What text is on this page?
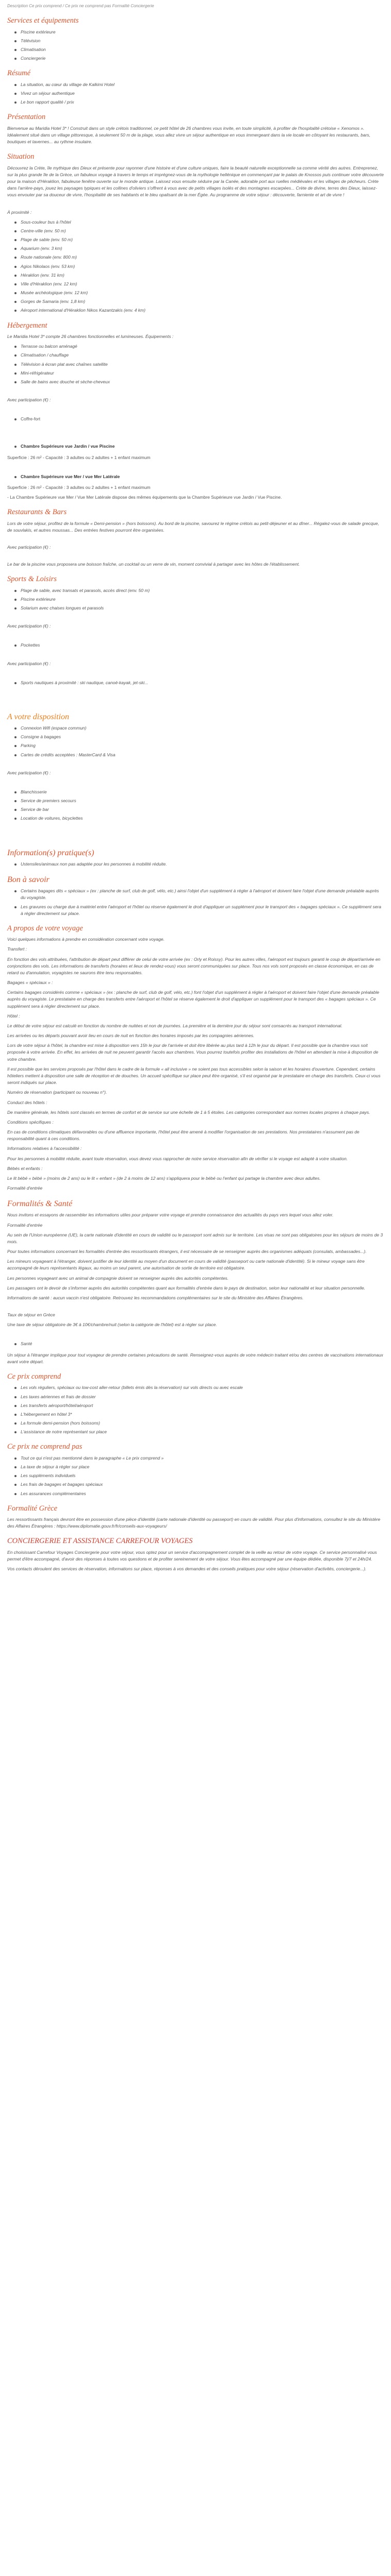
Description Ce prix comprend / Ce prix ne comprend pas Formalité Conciergerie
Services et équipements
Piscine extérieure
Télévision
Climatisation
Conciergerie
Résumé
La situation, au cœur du village de Kalkimi Hotel
Vivez un séjour authentique
Le bon rapport qualité / prix
Présentation

Bienvenue au Maridia Hotel 3* ! Construit dans un style crétois traditionnel, ce petit hôtel de 26 chambres vous invite, en toute simplicité, à profiter de l'hospitalité crétoise « Xenomos ». Idéalement situé dans un village pittoresque, à seulement 50 m de la plage, vous allez vivre un séjour authentique en vous immergeant dans la vie locale en côtoyant les restaurants, bars, boutiques et tavernes... au rythme insulaire.

Situation

Découvrez la Crète, île mythique des Dieux et présente pour rayonner d'une histoire et d'une culture uniques, faire la beauté naturelle exceptionnelle sa comme vérité des autres. Entreprenez, sur la plus grande île de la Grèce, un fabuleux voyage à travers le temps et imprégnez-vous de la mythologie hellénique en commençant par le palais de Knossos puis continuer votre découverte pour la maison d'Héraklion, fabuleuse fenêtre ouverte sur le monde antique. Laissez vous ensuite séduire par la Canée, adorable port aux ruelles médiévales et les villages de pêcheurs. Crète dans l'arrière-pays, jouez les paysages typiques et les collines d'oliviers s'offrent à vous avec de petits villages isolés et des montagnes escarpées... Crète de divine, terres des Dieux, laissez-vous envouter par sa douceur de vivre, l'hospitalité de ses habitants et le bleu opalisant de la mer Égée. Au programme de votre séjour : découverte, farniente et art de vivre !

À proximité :

Sous-couleur bus à l'hôtel
Centre-ville (env. 50 m)
Plage de sable (env. 50 m)
Aquarium (env. 3 km)
Route nationale (env. 800 m)
Agios Nikolaos (env. 53 km)
Héraklion (env. 31 km)
Ville d'Héraklion (env. 12 km)
Musée archéologique (env. 12 km)
Gorges de Samaria (env. 1,8 km)
Aéroport international d'Héraklion Nikos Kazantzakis (env. 4 km)
Hébergement

Le Maridia Hotel 3* compte 26 chambres fonctionnelles et lumineuses. Équipements :

Terrasse ou balcon aménagé
Climatisation / chauffage
Télévision à écran plat avec chaînes satellite
Mini-réfrigérateur
Salle de bains avec douche et sèche-cheveux

Avec participation (€) :

Coffre-fort
Chambre Supérieure vue Jardin / vue Piscine

Superficie : 26 m² - Capacité : 3 adultes ou 2 adultes + 1 enfant maximum

Chambre Supérieure vue Mer / vue Mer Latérale

Superficie : 26 m² - Capacité : 3 adultes ou 2 adultes + 1 enfant maximum

- La Chambre Supérieure vue Mer / Vue Mer Latérale dispose des mêmes équipements que la Chambre Supérieure vue Jardin / Vue Piscine.

Restaurants & Bars

Lors de votre séjour, profitez de la formule « Demi-pension » (hors boissons). Au bord de la piscine, savourez le régime crétois au petit-déjeuner et au dîner... Régalez-vous de salade grecque, de souvlakis, et autres moussas... Des entrées festives pourront être organisées.

Avec participation (€) :

Le bar de la piscine vous proposera une boisson fraîche, un cocktail ou un verre de vin, moment convivial à partager avec les hôtes de l'établissement.

Sports & Loisirs
Plage de sable, avec transats et parasols, accès direct (env. 50 m)
Piscine extérieure
Solarium avec chaises longues et parasols

Avec participation (€) :

Pockettes

Avec participation (€) :

Sports nautiques à proximité : ski nautique, canoë-kayak, jet-ski...
A votre disposition
Connexion Wifi (espace commun)
Consigne à bagages
Parking
Cartes de crédits acceptées : MasterCard & Visa

Avec participation (€) :

Blanchisserie
Service de premiers secours
Service de bar
Location de voitures, bicyclettes
Information(s) pratique(s)
Ustensiles/animaux non pas adaptée pour les personnes à mobilité réduite.
Bon à savoir
Certains bagages dits « spéciaux » (ex : planche de surf, club de golf, vélo, etc.) ainsi l'objet d'un supplément à régler à l'aéroport et doivent faire l'objet d'une demande préalable auprès du voyagiste.
Les gravures ou charge due à matériel entre l'aéroport et l'hôtel ou réserve également le droit d'appliquer un supplément pour le transport des « bagages spéciaux ». Ce supplément sera à régler directement sur place.
A propos de votre voyage

Voici quelques informations à prendre en considération concernant votre voyage.

Transfert :

En fonction des vols attribuées, l'attribution de départ peut différer de celui de votre arrivée (ex : Orly et Roissy). Pour les autres villes, l'aéroport est toujours garanti le coup de départ/arrivée en conjonctions des vols. Les informations de transferts (horaires et lieux de rendez-vous) vous seront communiquées sur place. Tous nos vols sont proposés en classe économique, en cas de retard ou d'annulation, voyagistes ne saurons être tenu responsables.

Bagages « spéciaux » :

Certains bagages considérés comme « spéciaux » (ex : planche de surf, club de golf, vélo, etc.) font l'objet d'un supplément à régler à l'aéroport et doivent faire l'objet d'une demande préalable auprès du voyagiste. Le prestataire en charge des transferts entre l'aéroport et l'hôtel se réserve également le droit d'appliquer un supplément pour le transport des « bagages spéciaux ». Ce supplément sera à régler directement sur place.

Hôtel :

Le début de votre séjour est calculé en fonction du nombre de nuitées et non de journées. La première et la dernière jour du séjour sont consacrés au transport international.

Les arrivées ou les départs pouvant avoir lieu en cours de nuit en fonction des horaires imposés par les compagnies aériennes.

Lors de votre séjour à l'hôtel, la chambre est mise à disposition vers 15h le jour de l'arrivée et doit être libérée au plus tard à 12h le jour du départ. Il est possible que la chambre vous soit proposée à votre arrivée. En effet, les arrivées de nuit ne peuvent garantir l'accès aux chambres. Vous pourrez toutefois profiter des installations de l'hôtel en attendant la mise à disposition de votre chambre.

Il est possible que les services proposés par l'hôtel dans le cadre de la formule « all inclusive » ne soient pas tous accessibles selon la saison et les horaires d'ouverture. Cependant, certains hôteliers mettent à disposition une salle de réception et de douches. Un accueil spécifique sur place peut être organisé, s'il est organisé par le prestataire en charge des transferts. Ceux-ci vous seront indiqués sur place.

Numéro de réservation (participant ou nouveau n°).

Conduct des hôtels :

De manière générale, les hôtels sont classés en termes de confort et de service sur une échelle de 1 à 5 étoiles. Les catégories correspondant aux normes locales propres à chaque pays.

Conditions spécifiques :

En cas de conditions climatiques défavorables ou d'une affluence importante, l'hôtel peut être amené à modifier l'organisation de ses prestations. Nos prestataires n'assument pas de responsabilité quant à ces conditions.

Informations relatives à l'accessibilité :

Pour les personnes à mobilité réduite, avant toute réservation, vous devez vous rapprocher de notre service réservation afin de vérifier si le voyage est adapté à votre situation.

Bébés et enfants :

Le lit bébé « bébé » (moins de 2 ans) ou le lit « enfant » (de 2 à moins de 12 ans) s'appliquera pour le bébé ou l'enfant qui partage la chambre avec deux adultes.

Formalité d'entrée

Formalités & Santé

Nous invitons et essayons de rassembler les informations utiles pour préparer votre voyage et prendre connaissance des actualités du pays vers lequel vous allez voler.

Formalité d'entrée

Au sein de l'Union européenne (UE), la carte nationale d'identité en cours de validité ou le passeport sont admis sur le territoire. Les visas ne sont pas obligatoires pour les séjours de moins de 3 mois.

Pour toutes informations concernant les formalités d'entrée des ressortissants étrangers, il est nécessaire de se renseigner auprès des organismes adéquats (consulats, ambassades...).

Les mineurs voyageant à l'étranger, doivent justifier de leur identité au moyen d'un document en cours de validité (passeport ou carte nationale d'identité). Si le mineur voyage sans être accompagné de leurs représentants légaux, au moins un seul parent, une autorisation de sortie de territoire est obligatoire.

Les personnes voyageant avec un animal de compagnie doivent se renseigner auprès des autorités compétentes.

Les passagers ont le devoir de s'informer auprès des autorités compétentes quant aux formalités d'entrée dans le pays de destination, selon leur nationalité et leur situation personnelle.

Informations de santé : aucun vaccin n'est obligatoire. Retrouvez les recommandations complémentaires sur le site du Ministère des Affaires Étrangères.

Taux de séjour en Grèce

Une taxe de séjour obligatoire de 3€ à 10€/chambre/nuit (selon la catégorie de l'hôtel) est à régler sur place.

Santé

Un séjour à l'étranger implique pour tout voyageur de prendre certaines précautions de santé. Renseignez-vous auprès de votre médecin traitant et/ou des centres de vaccinations internationaux avant votre départ.

Ce prix comprend
Les vols réguliers, spéciaux ou low-cost aller-retour (billets émis dès la réservation) sur vols directs ou avec escale
Les taxes aériennes et frais de dossier
Les transferts aéroport/hôtel/aéroport
L'hébergement en hôtel 3*
La formule demi-pension (hors boissons)
L'assistance de notre représentant sur place
Ce prix ne comprend pas
Tout ce qui n'est pas mentionné dans le paragraphe « Le prix comprend »
La taxe de séjour à régler sur place
Les suppléments individuels
Les frais de bagages et bagages spéciaux
Les assurances complémentaires
Formalité Grèce

Les ressortissants français devront être en possession d'une pièce d'identité (carte nationale d'identité ou passeport) en cours de validité. Pour plus d'informations, consultez le site du Ministère des Affaires Étrangères : https://www.diplomatie.gouv.fr/fr/conseils-aux-voyageurs/

CONCIERGERIE ET ASSISTANCE CARREFOUR VOYAGES

En choisissant Carrefour Voyages Conciergerie pour votre séjour, vous optez pour un service d'accompagnement complet de la veille au retour de votre voyage. Ce service personnalisé vous permet d'être accompagné, d'avoir des réponses à toutes vos questions et de profiter sereinement de votre séjour. Vous êtes accompagné par une équipe dédiée, disponible 7j/7 et 24h/24.

Vos contacts déroulent des services de réservation, informations sur place, réponses à vos demandes et des conseils pratiques pour votre séjour (réservation d'activités, conciergerie...).
